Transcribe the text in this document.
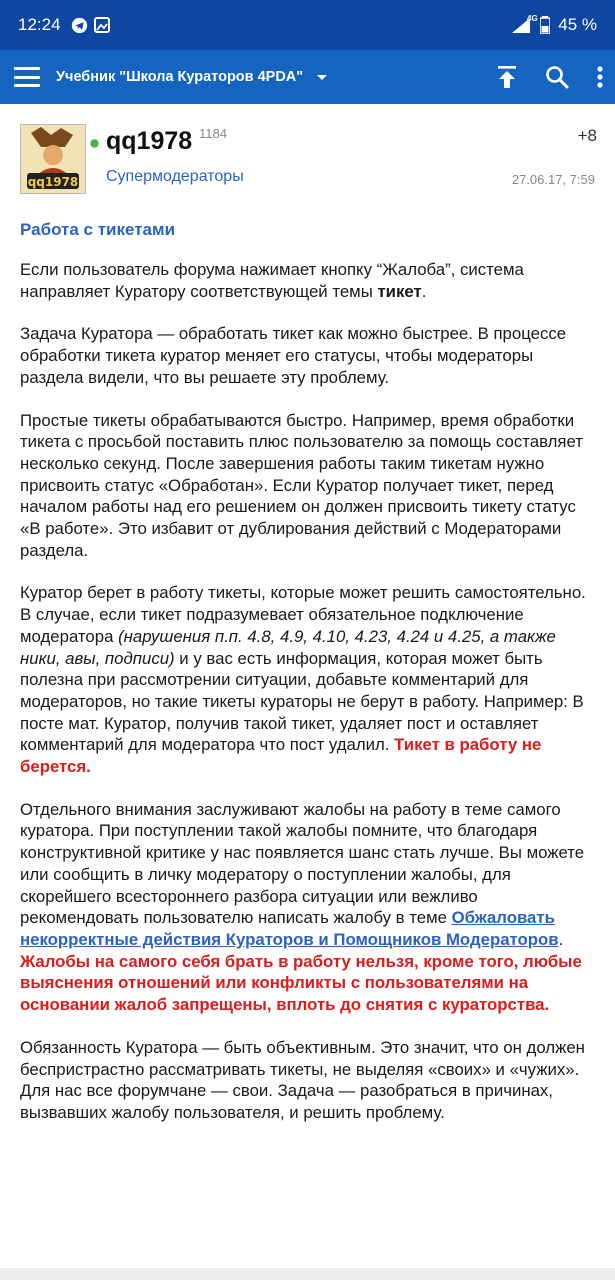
12:24	4G 45 %
Учебник "Школа Кураторов 4PDA"
qq1978
qq1978 1184
Супермодераторы
+8
27.06.17, 7:59
Работа с тикетами

Если пользователь форума нажимает кнопку “Жалоба”, система направляет Куратору соответствующей темы тикет.

Задача Куратора — обработать тикет как можно быстрее. В процессе обработки тикета куратор меняет его статусы, чтобы модераторы раздела видели, что вы решаете эту проблему.

Простые тикеты обрабатываются быстро. Например, время обработки тикета с просьбой поставить плюс пользователю за помощь составляет несколько секунд. После завершения работы таким тикетам нужно присвоить статус «Обработан». Если Куратор получает тикет, перед началом работы над его решением он должен присвоить тикету статус «В работе». Это избавит от дублирования действий с Модераторами раздела.

Куратор берет в работу тикеты, которые может решить самостоятельно. В случае, если тикет подразумевает обязательное подключение модератора (нарушения п.п. 4.8, 4.9, 4.10, 4.23, 4.24 и 4.25, а также ники, авы, подписи) и у вас есть информация, которая может быть полезна при рассмотрении ситуации, добавьте комментарий для модераторов, но такие тикеты кураторы не берут в работу. Например: В посте мат. Куратор, получив такой тикет, удаляет пост и оставляет комментарий для модератора что пост удалил. Тикет в работу не берется.

Отдельного внимания заслуживают жалобы на работу в теме самого куратора. При поступлении такой жалобы помните, что благодаря конструктивной критике у нас появляется шанс стать лучше. Вы можете или сообщить в личку модератору о поступлении жалобы, для скорейшего всестороннего разбора ситуации или вежливо рекомендовать пользователю написать жалобу в теме Обжаловать некорректные действия Кураторов и Помощников Модераторов. Жалобы на самого себя брать в работу нельзя, кроме того, любые выяснения отношений или конфликты с пользователями на основании жалоб запрещены, вплоть до снятия с кураторства.

Обязанность Куратора — быть объективным. Это значит, что он должен беспристрастно рассматривать тикеты, не выделяя «своих» и «чужих». Для нас все форумчане — свои. Задача — разобраться в причинах, вызвавших жалобу пользователя, и решить проблему.
